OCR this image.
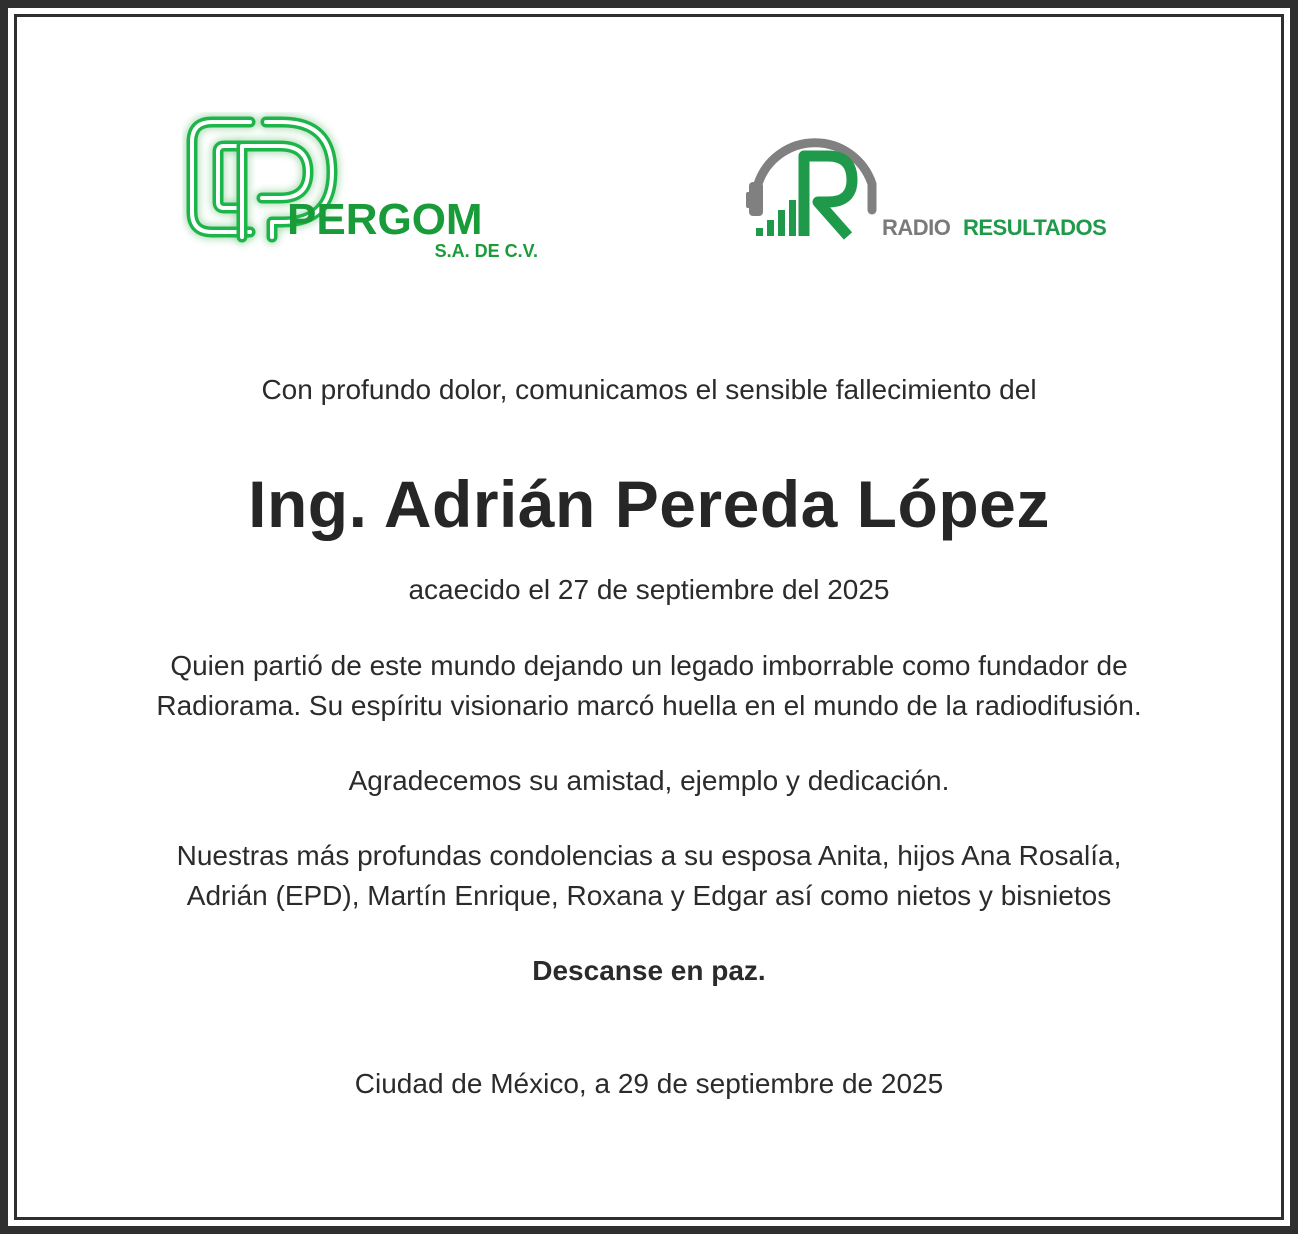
PERGOM
S.A. DE C.V.
RADIO RESULTADOS
Con profundo dolor, comunicamos el sensible fallecimiento del
Ing. Adrián Pereda López
acaecido el 27 de septiembre del 2025
Quien partió de este mundo dejando un legado imborrable como fundador de
Radiorama. Su espíritu visionario marcó huella en el mundo de la radiodifusión.
Agradecemos su amistad, ejemplo y dedicación.
Nuestras más profundas condolencias a su esposa Anita, hijos Ana Rosalía,
Adrián (EPD), Martín Enrique, Roxana y Edgar así como nietos y bisnietos
Descanse en paz.
Ciudad de México, a 29 de septiembre de 2025
